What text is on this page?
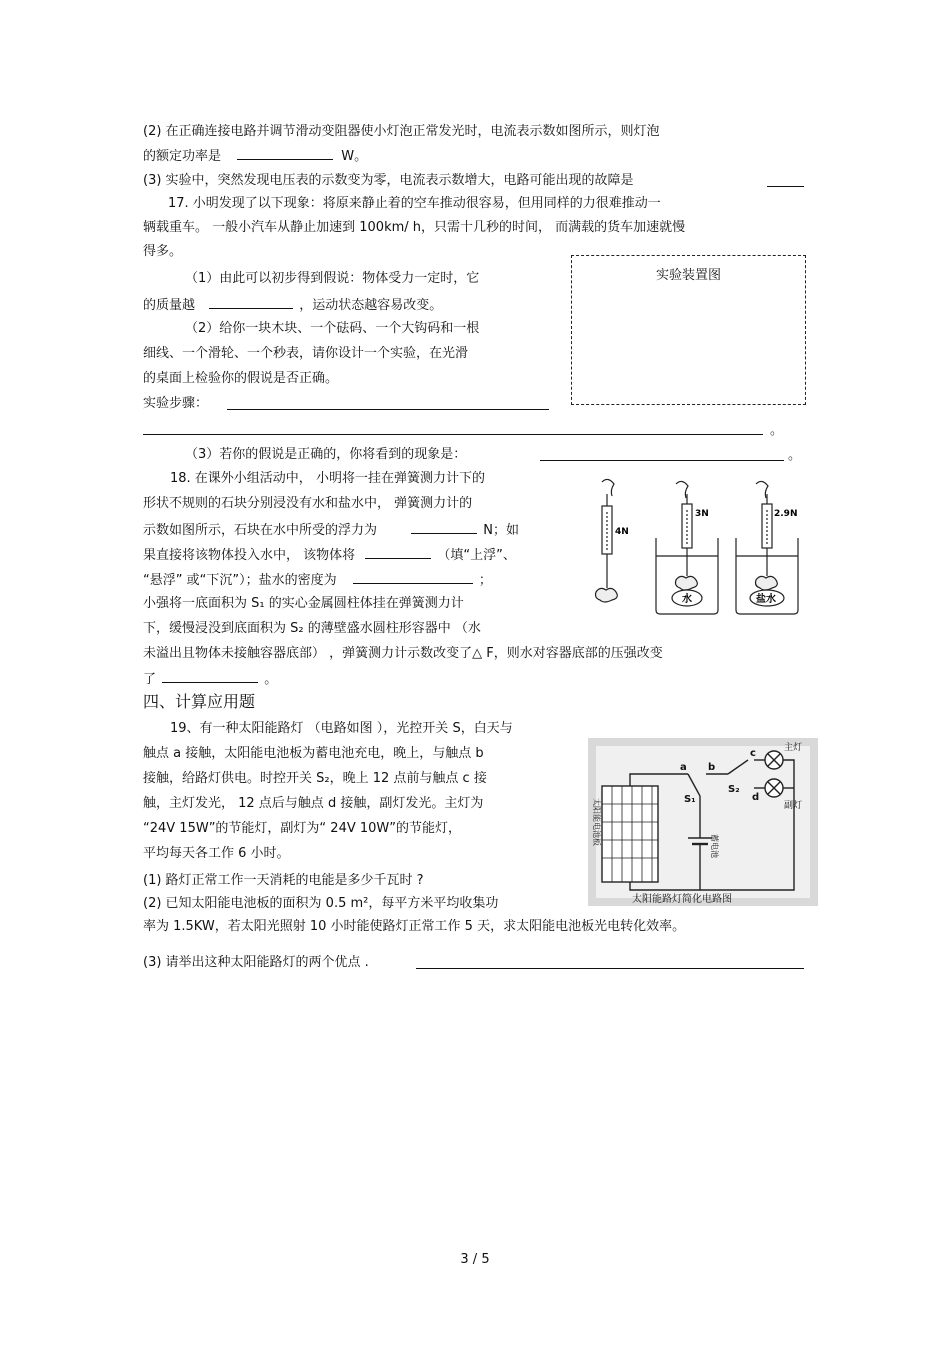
(2) 在正确连接电路并调节滑动变阻器使小灯泡正常发光时，电流表示数如图所示，则灯泡
的额定功率是	W。
(3) 实验中，突然发现电压表的示数变为零，电流表示数增大，电路可能出现的故障是
17. 小明发现了以下现象：将原来静止着的空车推动很容易，但用同样的力很难推动一
辆载重车。 一般小汽车从静止加速到 100km/ h，只需十几秒的时间， 而满载的货车加速就慢
得多。
（1）由此可以初步得到假说：物体受力一定时，它
的质量越	，运动状态越容易改变。
（2）给你一块木块、一个砝码、一个大钩码和一根
细线、一个滑轮、一个秒表，请你设计一个实验，在光滑
的桌面上检验你的假说是否正确。
实验步骤：
。
实验装置图
（3）若你的假说是正确的，你将看到的现象是：	。
18. 在课外小组活动中， 小明将一挂在弹簧测力计下的
形状不规则的石块分别浸没有水和盐水中， 弹簧测力计的
示数如图所示，石块在水中所受的浮力为	N；如
果直接将该物体投入水中， 该物体将	（填“上浮”、
“悬浮” 或“下沉”）；盐水的密度为	；
小强将一底面积为 S₁ 的实心金属圆柱体挂在弹簧测力计
下，缓慢浸没到底面积为 S₂ 的薄壁盛水圆柱形容器中 （水
未溢出且物体未接触容器底部） ，弹簧测力计示数改变了△ F，则水对容器底部的压强改变
了	。
4N
3N	2.9N
水	盐水
四、计算应用题
19、有一种太阳能路灯 （电路如图 ），光控开关 S，白天与
触点 a 接触，太阳能电池板为蓄电池充电，晚上，与触点 b
接触，给路灯供电。时控开关 S₂，晚上 12 点前与触点 c 接
触，主灯发光， 12 点后与触点 d 接触，副灯发光。主灯为
“24V 15W”的节能灯，副灯为“ 24V 10W”的节能灯，
平均每天各工作 6 小时。
(1) 路灯正常工作一天消耗的电能是多少千瓦时 ?
(2) 已知太阳能电池板的面积为 0.5 m²，每平方米平均收集功
率为 1.5KW，若太阳光照射 10 小时能使路灯正常工作 5 天，求太阳能电池板光电转化效率。
(3) 请举出这种太阳能路灯的两个优点 .
a b
c
d
S₁
S₂
主灯
副灯
太阳能电池板	蓄电池
太阳能路灯简化电路图
3 / 5
